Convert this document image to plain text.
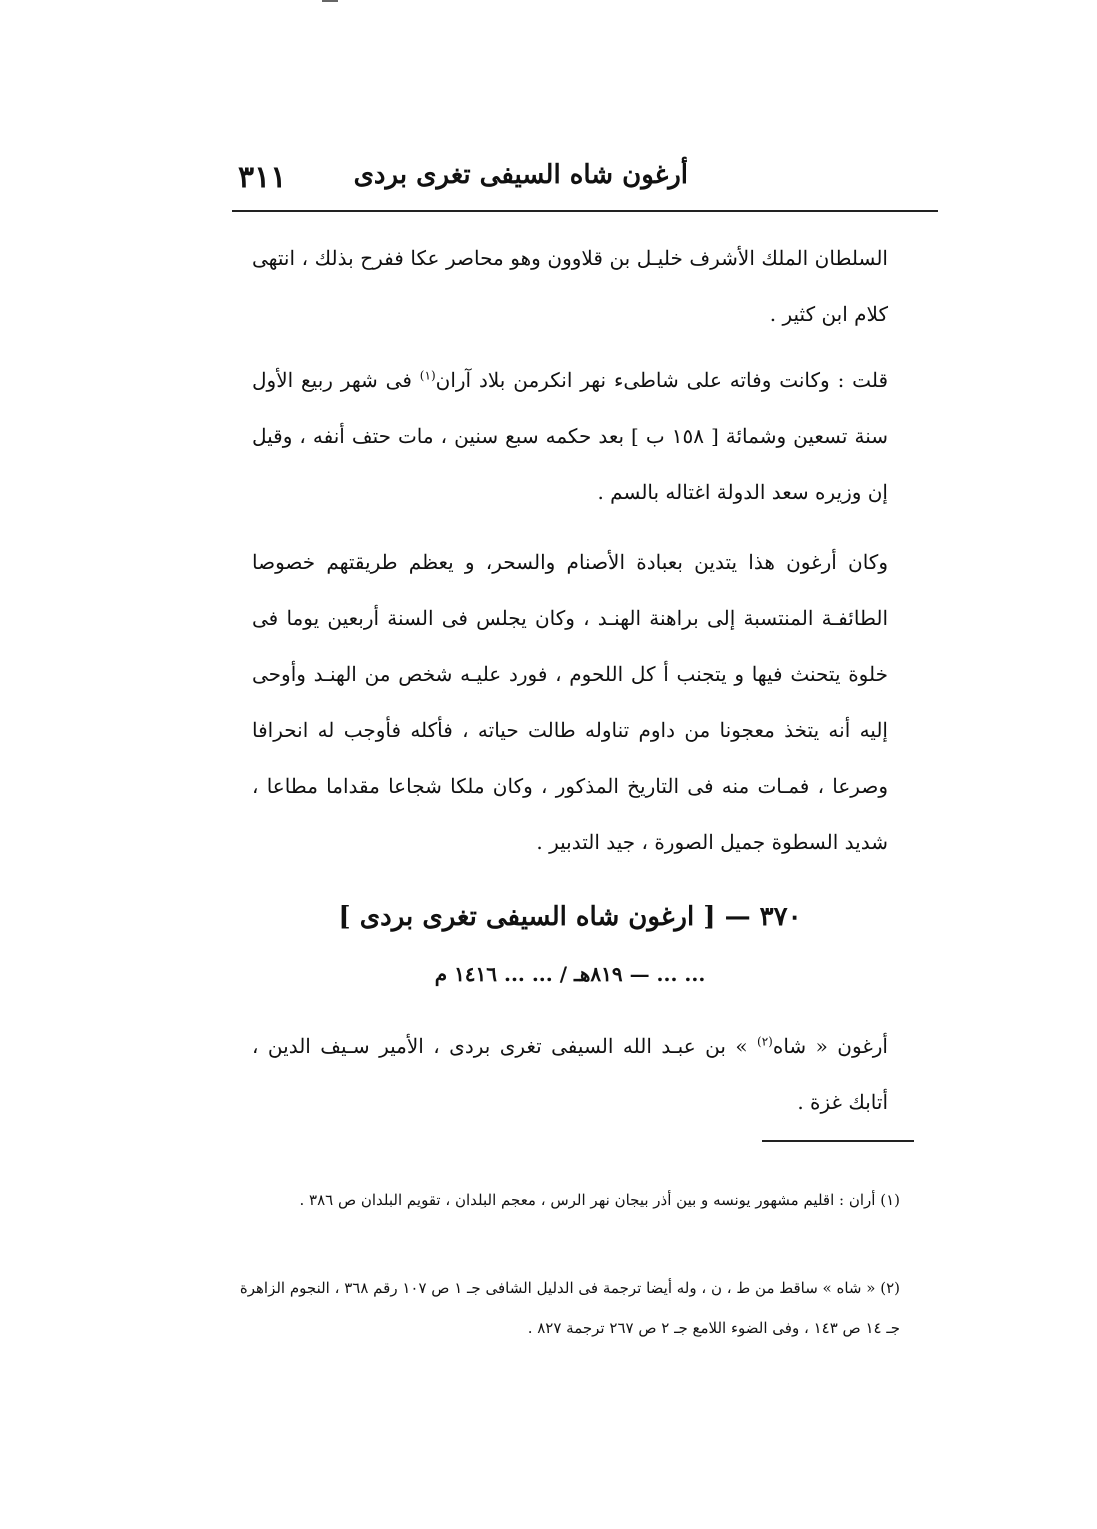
٣١١	أرغون شاه السيفى تغرى بردى

السلطان الملك الأشرف خليـل بن قلاوون وهو محاصر عكا ففرح بذلك ، انتهى كلام ابن كثير .

قلت : وكانت وفاته على شاطىء نهر انكرمن بلاد آران$^{(١)}$ فى شهر ربيع الأول سنة تسعين وشمائة [ ١٥٨ ب ] بعد حكمه سبع سنين ، مات حتف أنفه ، وقيل إن وزيره سعد الدولة اغتاله بالسم .

وكان أرغون هذا يتدين بعبادة الأصنام والسحر، و يعظم طريقتهم خصوصا الطائفـة المنتسبة إلى براهنة الهنـد ، وكان يجلس فى السنة أربعين يوما فى خلوة يتحنث فيها و يتجنب أ كل اللحوم ، فورد عليـه شخص من الهنـد وأوحى إليه أنه يتخذ معجونا من داوم تناوله طالت حياته ، فأكله فأوجب له انحرافا وصرعا ، فمـات منه فى التاريخ المذكور ، وكان ملكا شجاعا مقداما مطاعا ، شديد السطوة جميل الصورة ، جيد التدبير .

٣٧٠ — [ ارغون شاه السيفى تغرى بردى ]
... ... — ٨١٩هـ / ... ... ١٤١٦ م

أرغون « شاه$^{(٢)}$ » بن عبـد الله السيفى تغرى بردى ، الأمير سـيف الدين ، أتابك غزة .

(١) أران : اقليم مشهور يونسه و بين أذر بيجان نهر الرس ، معجم البلدان ، تقويم البلدان ص ٣٨٦ .

(٢) « شاه » ساقط من ط ، ن ، وله أيضا ترجمة فى الدليل الشافى جـ ١ ص ١٠٧ رقم ٣٦٨ ، النجوم الزاهرة جـ ١٤ ص ١٤٣ ، وفى الضوء اللامع جـ ٢ ص ٢٦٧ ترجمة ٨٢٧ .
